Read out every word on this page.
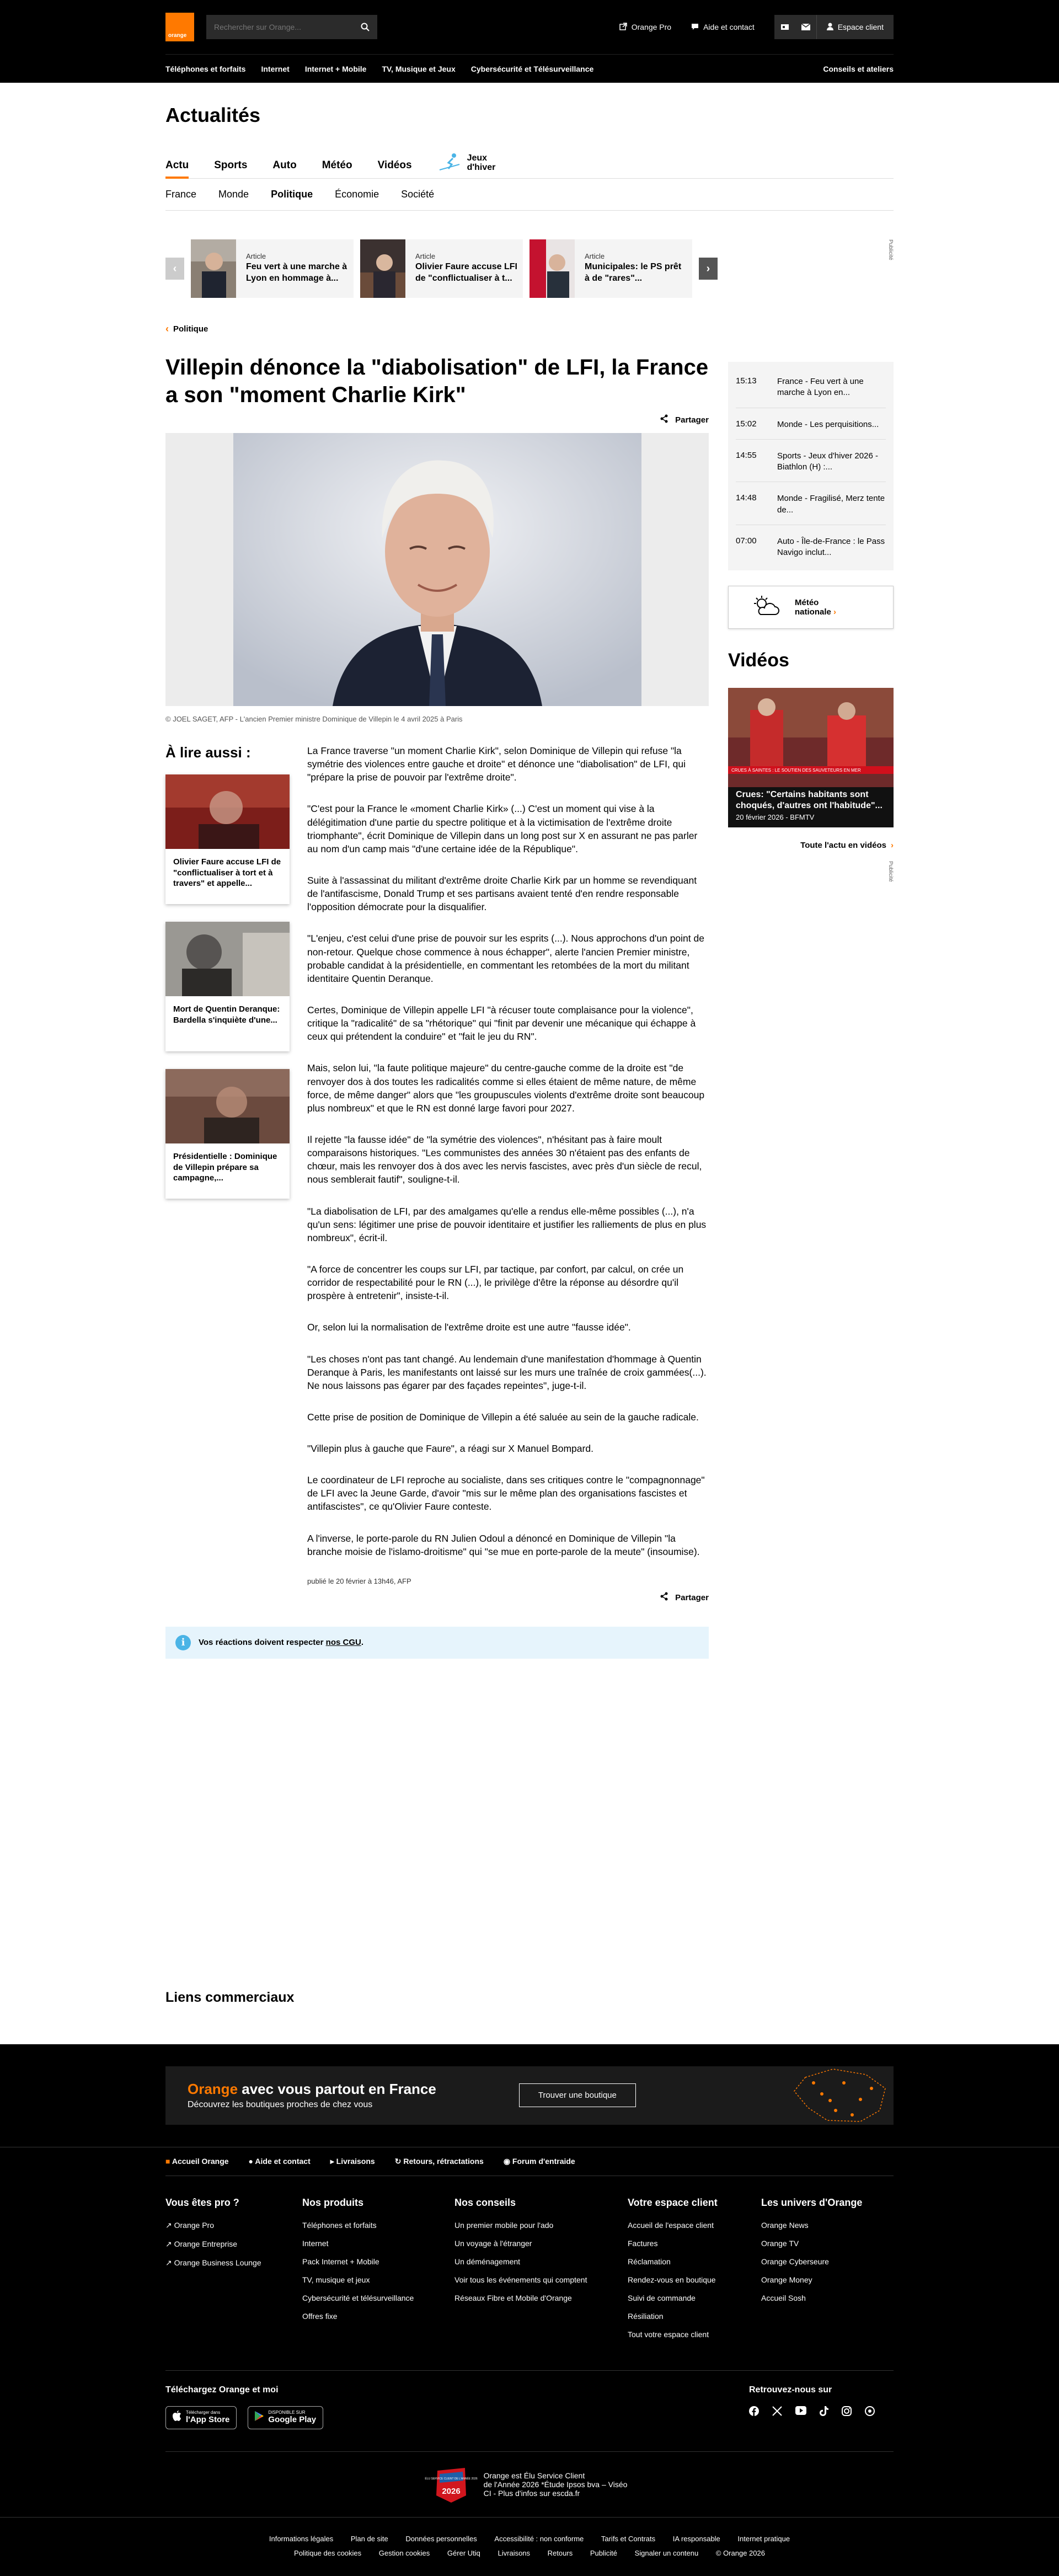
orange
Rechercher sur Orange...
Orange Pro	Aide et contact	Espace client
Téléphones et forfaits Internet Internet + Mobile TV, Musique et Jeux Cybersécurité et Télésurveillance	Conseils et ateliers
Actualités
Actu Sports Auto Météo Vidéos
Jeux
d'hiver
France Monde Politique Économie Société
Publicité
‹
Article
Feu vert à une marche à Lyon en hommage à...
Article
Olivier Faure accuse LFI de "conflictualiser à t...
Article
Municipales: le PS prêt à de "rares"...
›
‹ Politique
Villepin dénonce la "diabolisation" de LFI, la France a son "moment Charlie Kirk"
Partager

© JOEL SAGET, AFP - L'ancien Premier ministre Dominique de Villepin le 4 avril 2025 à Paris

À lire aussi :
Olivier Faure accuse LFI de "conflictualiser à tort et à travers" et appelle...
Mort de Quentin Deranque: Bardella s'inquiète d'une...
Présidentielle : Dominique de Villepin prépare sa campagne,...

La France traverse "un moment Charlie Kirk", selon Dominique de Villepin qui refuse "la symétrie des violences entre gauche et droite" et dénonce une "diabolisation" de LFI, qui "prépare la prise de pouvoir par l'extrême droite".

"C'est pour la France le «moment Charlie Kirk» (...) C'est un moment qui vise à la délégitimation d'une partie du spectre politique et à la victimisation de l'extrême droite triomphante", écrit Dominique de Villepin dans un long post sur X en assurant ne pas parler au nom d'un camp mais "d'une certaine idée de la République".

Suite à l'assassinat du militant d'extrême droite Charlie Kirk par un homme se revendiquant de l'antifascisme, Donald Trump et ses partisans avaient tenté d'en rendre responsable l'opposition démocrate pour la disqualifier.

"L'enjeu, c'est celui d'une prise de pouvoir sur les esprits (...). Nous approchons d'un point de non-retour. Quelque chose commence à nous échapper", alerte l'ancien Premier ministre, probable candidat à la présidentielle, en commentant les retombées de la mort du militant identitaire Quentin Deranque.

Certes, Dominique de Villepin appelle LFI "à récuser toute complaisance pour la violence", critique la "radicalité" de sa "rhétorique" qui "finit par devenir une mécanique qui échappe à ceux qui prétendent la conduire" et "fait le jeu du RN".

Mais, selon lui, "la faute politique majeure" du centre-gauche comme de la droite est "de renvoyer dos à dos toutes les radicalités comme si elles étaient de même nature, de même force, de même danger" alors que "les groupuscules violents d'extrême droite sont beaucoup plus nombreux" et que le RN est donné large favori pour 2027.

Il rejette "la fausse idée" de "la symétrie des violences", n'hésitant pas à faire moult comparaisons historiques. "Les communistes des années 30 n'étaient pas des enfants de chœur, mais les renvoyer dos à dos avec les nervis fascistes, avec près d'un siècle de recul, nous semblerait fautif", souligne-t-il.

"La diabolisation de LFI, par des amalgames qu'elle a rendus elle-même possibles (...), n'a qu'un sens: légitimer une prise de pouvoir identitaire et justifier les ralliements de plus en plus nombreux", écrit-il.

"A force de concentrer les coups sur LFI, par tactique, par confort, par calcul, on crée un corridor de respectabilité pour le RN (...), le privilège d'être la réponse au désordre qu'il prospère à entretenir", insiste-t-il.

Or, selon lui la normalisation de l'extrême droite est une autre "fausse idée".

"Les choses n'ont pas tant changé. Au lendemain d'une manifestation d'hommage à Quentin Deranque à Paris, les manifestants ont laissé sur les murs une traînée de croix gammées(...). Ne nous laissons pas égarer par des façades repeintes", juge-t-il.

Cette prise de position de Dominique de Villepin a été saluée au sein de la gauche radicale.

"Villepin plus à gauche que Faure", a réagi sur X Manuel Bompard.

Le coordinateur de LFI reproche au socialiste, dans ses critiques contre le "compagnonnage" de LFI avec la Jeune Garde, d'avoir "mis sur le même plan des organisations fascistes et antifascistes", ce qu'Olivier Faure conteste.

A l'inverse, le porte-parole du RN Julien Odoul a dénoncé en Dominique de Villepin "la branche moisie de l'islamo-droitisme" qui "se mue en porte-parole de la meute" (insoumise).

publié le 20 février à 13h46, AFP
Partager
i	Vos réactions doivent respecter nos CGU.
15:13	France - Feu vert à une marche à Lyon en...
15:02	Monde - Les perquisitions...
14:55	Sports - Jeux d'hiver 2026 - Biathlon (H) :...
14:48	Monde - Fragilisé, Merz tente de...
07:00	Auto - Île-de-France : le Pass Navigo inclut...
Météo
nationale ›
Vidéos
CRUES À SAINTES : LE SOUTIEN DES SAUVETEURS EN MER
Crues: "Certains habitants sont choqués, d'autres ont l'habitude"...
20 février 2026 - BFMTV
Toute l'actu en vidéos ›
Publicité
Liens commerciaux
Orange avec vous partout en France
Découvrez les boutiques proches de chez vous
Trouver une boutique
■ Accueil Orange	● Aide et contact	▸ Livraisons	↻ Retours, rétractations	◉ Forum d'entraide
Vous êtes pro ?
↗ Orange Pro
↗ Orange Entreprise
↗ Orange Business Lounge
Nos produits
Téléphones et forfaits
Internet
Pack Internet + Mobile
TV, musique et jeux
Cybersécurité et télésurveillance
Offres fixe
Nos conseils
Un premier mobile pour l'ado
Un voyage à l'étranger
Un déménagement
Voir tous les événements qui comptent
Réseaux Fibre et Mobile d'Orange
Votre espace client
Accueil de l'espace client
Factures
Réclamation
Rendez-vous en boutique
Suivi de commande
Résiliation
Tout votre espace client
Les univers d'Orange
Orange News
Orange TV
Orange Cyberseure
Orange Money
Accueil Sosh
Téléchargez Orange et moi
Télécharger dans
l'App Store
DISPONIBLE SUR
Google Play
Retrouvez-nous sur
2026
ÉLU SERVICE CLIENT DE L'ANNÉE 2026 Orange est Élu Service Client
de l'Année 2026 *Étude Ipsos bva – Viséo
CI - Plus d'infos sur escda.fr
Informations légales Plan de site Données personnelles Accessibilité : non conforme Tarifs et Contrats IA responsable Internet pratique
Politique des cookies Gestion cookies Gérer Utiq Livraisons Retours Publicité Signaler un contenu © Orange 2026
